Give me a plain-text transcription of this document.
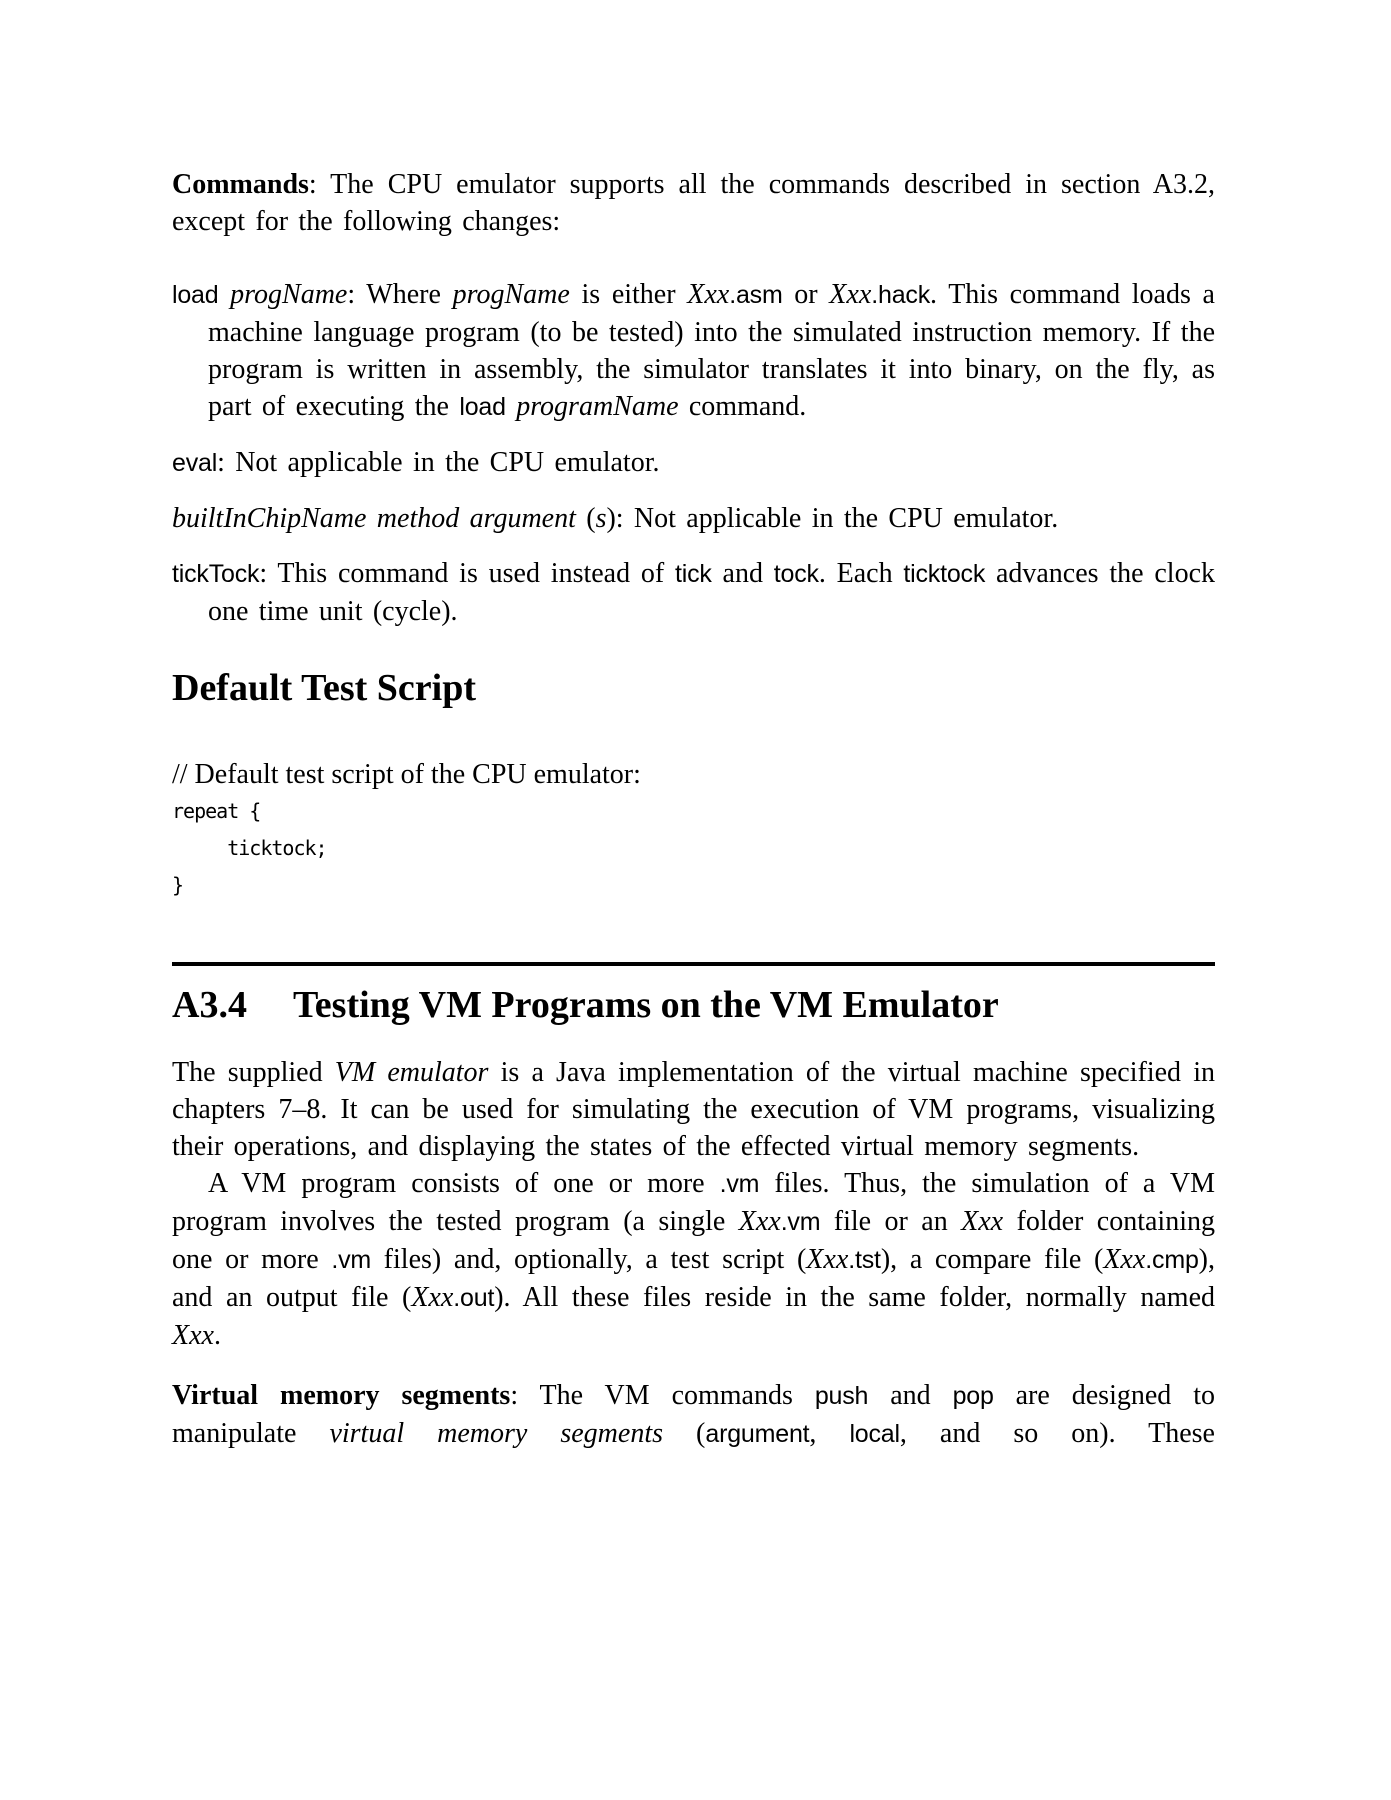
Commands: The CPU emulator supports all the commands described in section A3.2, except for the following changes:

load progName: Where progName is either Xxx.asm or Xxx.hack. This command loads a machine language program (to be tested) into the simulated instruction memory. If the program is written in assembly, the simulator translates it into binary, on the fly, as part of executing the load programName command.

eval: Not applicable in the CPU emulator.

builtInChipName method argument (s): Not applicable in the CPU emulator.

tickTock: This command is used instead of tick and tock. Each ticktock advances the clock one time unit (cycle).

Default Test Script
// Default test script of the CPU emulator:
repeat {
ticktock;
}
A3.4 Testing VM Programs on the VM Emulator

The supplied VM emulator is a Java implementation of the virtual machine specified in chapters 7–8. It can be used for simulating the execution of VM programs, visualizing their operations, and displaying the states of the effected virtual memory segments.

A VM program consists of one or more .vm files. Thus, the simulation of a VM program involves the tested program (a single Xxx.vm file or an Xxx folder containing one or more .vm files) and, optionally, a test script (Xxx.tst), a compare file (Xxx.cmp), and an output file (Xxx.out). All these files reside in the same folder, normally named Xxx.

Virtual memory segments: The VM commands push and pop are designed to manipulate virtual memory segments (argument, local, and so on). These
